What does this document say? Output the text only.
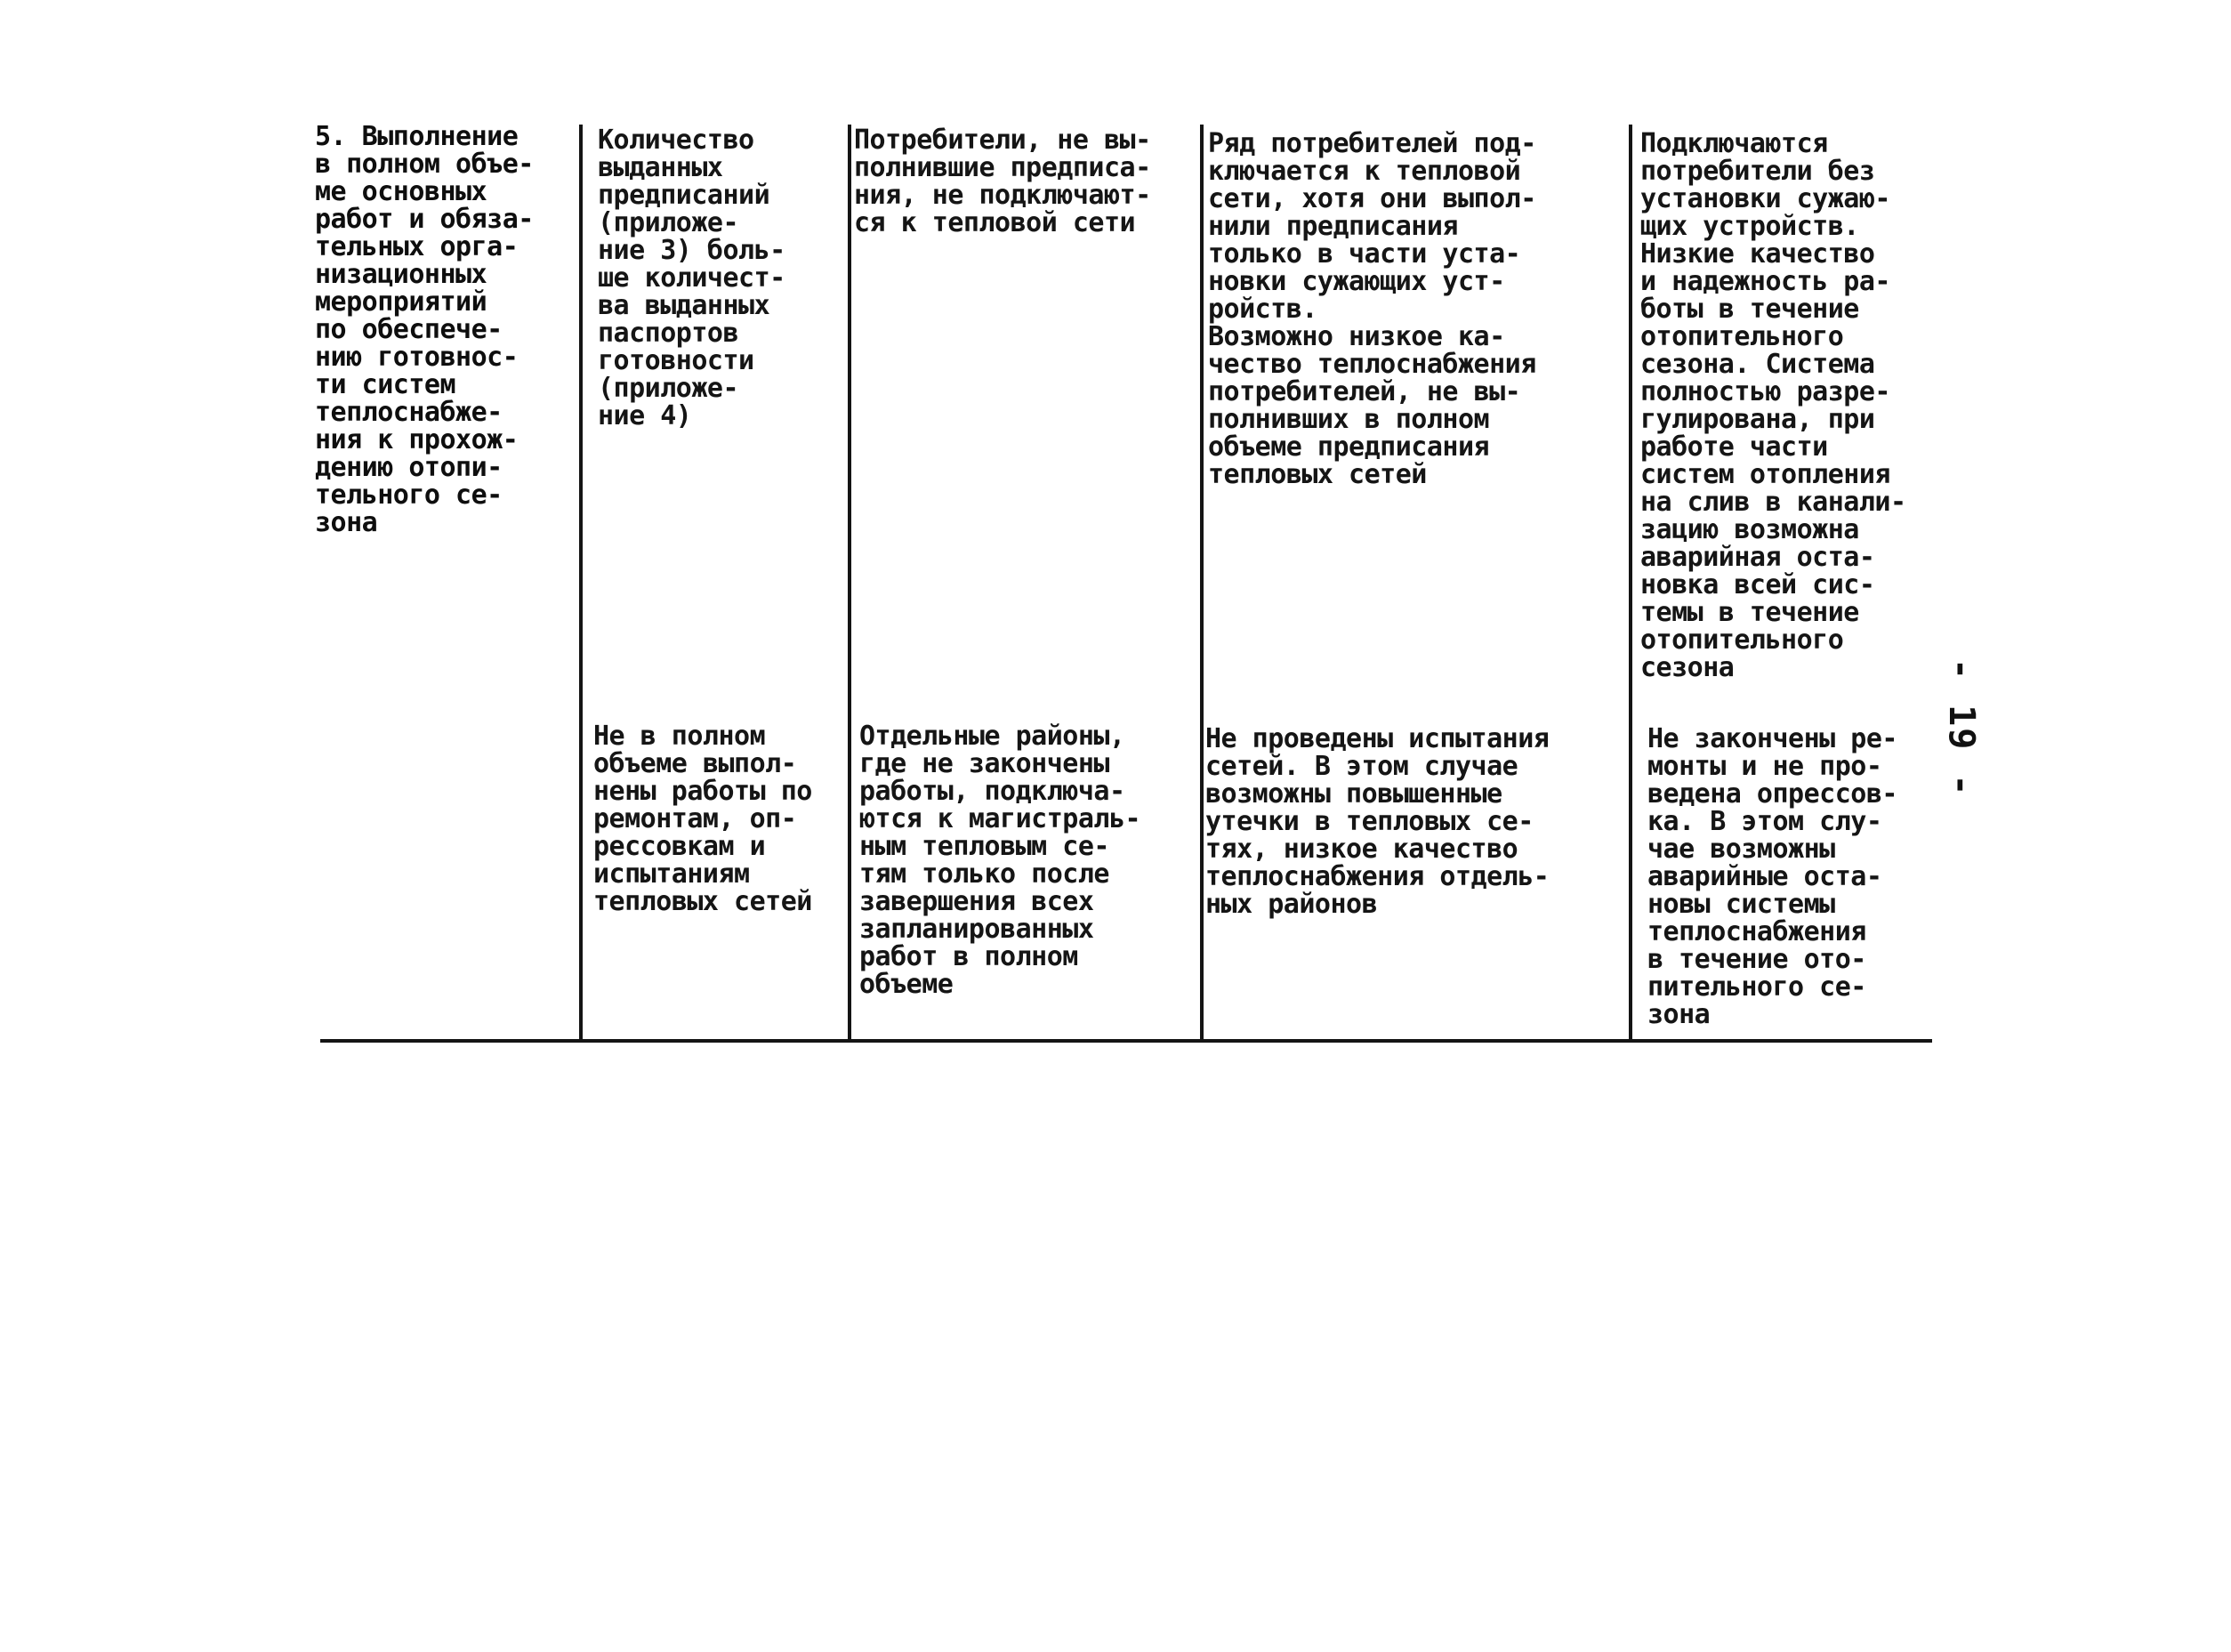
5. Выполнение
в полном объе-
ме основных
работ и обяза-
тельных орга-
низационных
мероприятий
по обеспече-
нию готовнос-
ти систем
теплоснабже-
ния к прохож-
дению отопи-
тельного се-
зона
Количество
выданных
предписаний
(приложе-
ние 3) боль-
ше количест-
ва выданных
паспортов
готовности
(приложе-
ние 4)
Потребители, не вы-
полнившие предписа-
ния, не подключают-
ся к тепловой сети
Ряд потребителей под-
ключается к тепловой
сети, хотя они выпол-
нили предписания
только в части уста-
новки сужающих уст-
ройств.
Возможно низкое ка-
чество теплоснабжения
потребителей, не вы-
полнивших в полном
объеме предписания
тепловых сетей
Подключаются
потребители без
установки сужаю-
щих устройств.
Низкие качество
и надежность ра-
боты в течение
отопительного
сезона. Система
полностью разре-
гулирована, при
работе части
систем отопления
на слив в канали-
зацию возможна
аварийная оста-
новка всей сис-
темы в течение
отопительного
сезона
Не в полном
объеме выпол-
нены работы по
ремонтам, оп-
рессовкам и
испытаниям
тепловых сетей
Отдельные районы,
где не закончены
работы, подключа-
ются к магистраль-
ным тепловым се-
тям только после
завершения всех
запланированных
работ в полном
объеме
Не проведены испытания
сетей. В этом случае
возможны повышенные
утечки в тепловых се-
тях, низкое качество
теплоснабжения отдель-
ных районов
Не закончены ре-
монты и не про-
ведена опрессов-
ка. В этом слу-
чае возможны
аварийные оста-
новы системы
теплоснабжения
в течение ото-
пительного се-
зона
- 19 -
